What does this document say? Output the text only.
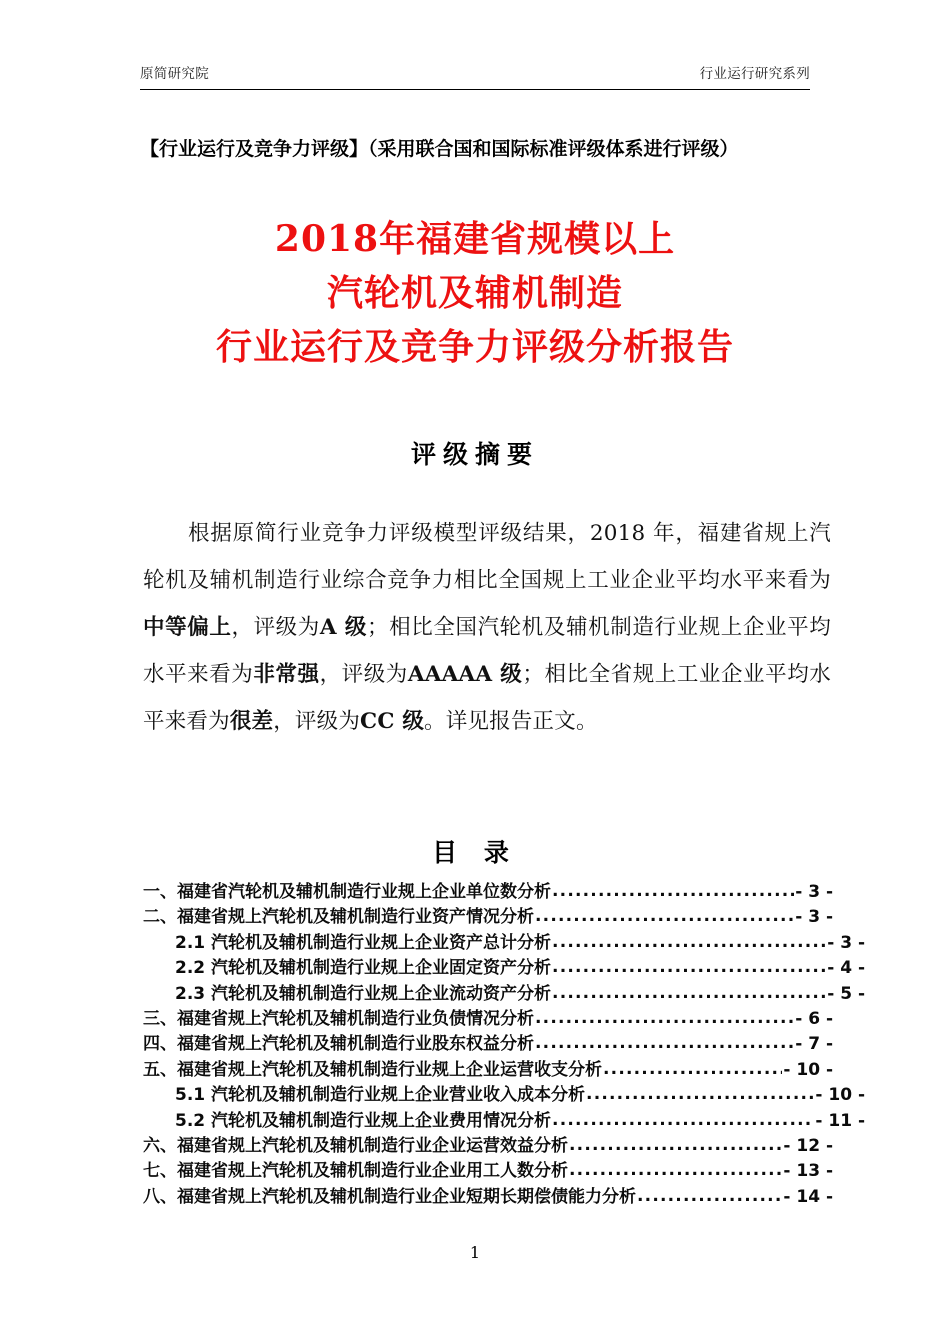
原简研究院	行业运行研究系列
【行业运行及竞争力评级】（采用联合国和国际标准评级体系进行评级）
2018年福建省规模以上
汽轮机及辅机制造
行业运行及竞争力评级分析报告
评级摘要

根据原简行业竞争力评级模型评级结果，2018 年，福建省规上汽轮机及辅机制造行业综合竞争力相比全国规上工业企业平均水平来看为中等偏上，评级为A 级；相比全国汽轮机及辅机制造行业规上企业平均水平来看为非常强，评级为AAAAA 级；相比全省规上工业企业平均水平来看为很差，评级为CC 级。详见报告正文。

目 录
一、福建省汽轮机及辅机制造行业规上企业单位数分析 .....	- 3 -
二、福建省规上汽轮机及辅机制造行业资产情况分析 .....	- 3 -
2.1 汽轮机及辅机制造行业规上企业资产总计分析 .....	- 3 -
2.2 汽轮机及辅机制造行业规上企业固定资产分析 .....	- 4 -
2.3 汽轮机及辅机制造行业规上企业流动资产分析 .....	- 5 -
三、福建省规上汽轮机及辅机制造行业负债情况分析 .....	- 6 -
四、福建省规上汽轮机及辅机制造行业股东权益分析 .....	- 7 -
五、福建省规上汽轮机及辅机制造行业规上企业运营收支分析 .....	- 10 -
5.1 汽轮机及辅机制造行业规上企业营业收入成本分析 .....	- 10 -
5.2 汽轮机及辅机制造行业规上企业费用情况分析 .....	- 11 -
六、福建省规上汽轮机及辅机制造行业企业运营效益分析 .....	- 12 -
七、福建省规上汽轮机及辅机制造行业企业用工人数分析 .....	- 13 -
八、福建省规上汽轮机及辅机制造行业企业短期长期偿债能力分析 .....	- 14 -
1
